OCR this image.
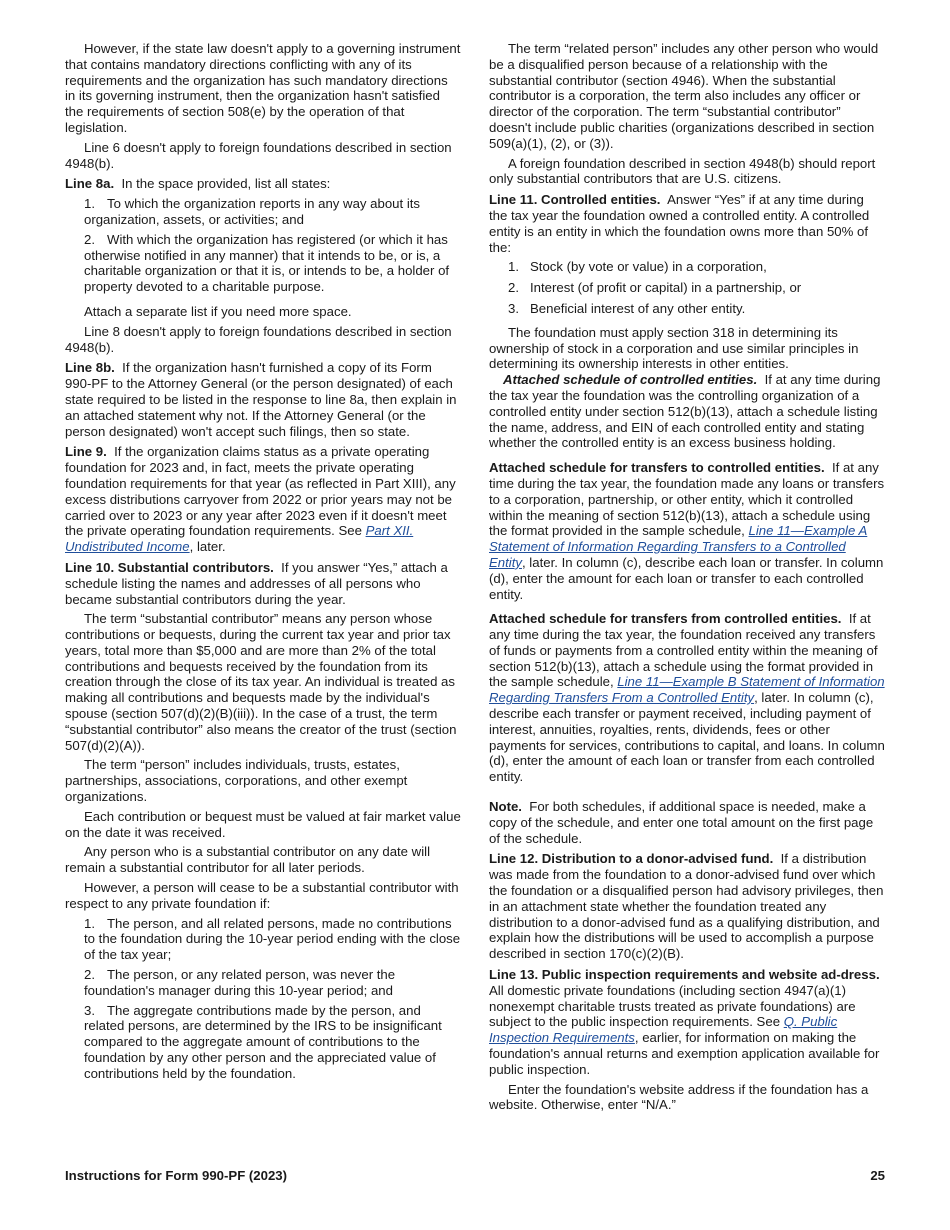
However, if the state law doesn't apply to a governing instrument that contains mandatory directions conflicting with any of its requirements and the organization has such mandatory directions in its governing instrument, then the organization hasn't satisfied the requirements of section 508(e) by the operation of that legislation.

Line 6 doesn't apply to foreign foundations described in section 4948(b).

Line 8a. In the space provided, list all states:

1. To which the organization reports in any way about its organization, assets, or activities; and

2. With which the organization has registered (or which it has otherwise notified in any manner) that it intends to be, or is, a charitable organization or that it is, or intends to be, a holder of property devoted to a charitable purpose.

Attach a separate list if you need more space.

Line 8 doesn't apply to foreign foundations described in section 4948(b).

Line 8b. If the organization hasn't furnished a copy of its Form 990-PF to the Attorney General (or the person designated) of each state required to be listed in the response to line 8a, then explain in an attached statement why not. If the Attorney General (or the person designated) won't accept such filings, then so state.

Line 9. If the organization claims status as a private operating foundation for 2023 and, in fact, meets the private operating foundation requirements for that year (as reflected in Part XIII), any excess distributions carryover from 2022 or prior years may not be carried over to 2023 or any year after 2023 even if it doesn't meet the private operating foundation requirements. See Part XII. Undistributed Income, later.

Line 10. Substantial contributors. If you answer “Yes,” attach a schedule listing the names and addresses of all persons who became substantial contributors during the year.

The term “substantial contributor” means any person whose contributions or bequests, during the current tax year and prior tax years, total more than $5,000 and are more than 2% of the total contributions and bequests received by the foundation from its creation through the close of its tax year. An individual is treated as making all contributions and bequests made by the individual's spouse (section 507(d)(2)(B)(iii)). In the case of a trust, the term “substantial contributor” also means the creator of the trust (section 507(d)(2)(A)).

The term “person” includes individuals, trusts, estates, partnerships, associations, corporations, and other exempt organizations.

Each contribution or bequest must be valued at fair market value on the date it was received.

Any person who is a substantial contributor on any date will remain a substantial contributor for all later periods.

However, a person will cease to be a substantial contributor with respect to any private foundation if:

1. The person, and all related persons, made no contributions to the foundation during the 10-year period ending with the close of the tax year;

2. The person, or any related person, was never the foundation's manager during this 10-year period; and

3. The aggregate contributions made by the person, and related persons, are determined by the IRS to be insignificant compared to the aggregate amount of contributions to the foundation by any other person and the appreciated value of contributions held by the foundation.

The term “related person” includes any other person who would be a disqualified person because of a relationship with the substantial contributor (section 4946). When the substantial contributor is a corporation, the term also includes any officer or director of the corporation. The term “substantial contributor” doesn't include public charities (organizations described in section 509(a)(1), (2), or (3)).

A foreign foundation described in section 4948(b) should report only substantial contributors that are U.S. citizens.

Line 11. Controlled entities. Answer “Yes” if at any time during the tax year the foundation owned a controlled entity. A controlled entity is an entity in which the foundation owns more than 50% of the:

1. Stock (by vote or value) in a corporation,

2. Interest (of profit or capital) in a partnership, or

3. Beneficial interest of any other entity.

The foundation must apply section 318 in determining its ownership of stock in a corporation and use similar principles in determining its ownership interests in other entities.

Attached schedule of controlled entities. If at any time during the tax year the foundation was the controlling organization of a controlled entity under section 512(b)(13), attach a schedule listing the name, address, and EIN of each controlled entity and stating whether the controlled entity is an excess business holding.

Attached schedule for transfers to controlled entities. If at any time during the tax year, the foundation made any loans or transfers to a corporation, partnership, or other entity, which it controlled within the meaning of section 512(b)(13), attach a schedule using the format provided in the sample schedule, Line 11—Example A Statement of Information Regarding Transfers to a Controlled Entity, later. In column (c), describe each loan or transfer. In column (d), enter the amount for each loan or transfer to each controlled entity.

Attached schedule for transfers from controlled entities. If at any time during the tax year, the foundation received any transfers of funds or payments from a controlled entity within the meaning of section 512(b)(13), attach a schedule using the format provided in the sample schedule, Line 11—Example B Statement of Information Regarding Transfers From a Controlled Entity, later. In column (c), describe each transfer or payment received, including payment of interest, annuities, royalties, rents, dividends, fees or other payments for services, contributions to capital, and loans. In column (d), enter the amount of each loan or transfer from each controlled entity.

Note. For both schedules, if additional space is needed, make a copy of the schedule, and enter one total amount on the first page of the schedule.

Line 12. Distribution to a donor-advised fund. If a distribution was made from the foundation to a donor-advised fund over which the foundation or a disqualified person had advisory privileges, then in an attachment state whether the foundation treated any distribution to a donor-advised fund as a qualifying distribution, and explain how the distributions will be used to accomplish a purpose described in section 170(c)(2)(B).

Line 13. Public inspection requirements and website ad-dress.  All domestic private foundations (including section 4947(a)(1) nonexempt charitable trusts treated as private foundations) are subject to the public inspection requirements. See Q. Public Inspection Requirements, earlier, for information on making the foundation's annual returns and exemption application available for public inspection.

Enter the foundation's website address if the foundation has a website. Otherwise, enter “N/A.”

Instructions for Form 990-PF (2023)	25
